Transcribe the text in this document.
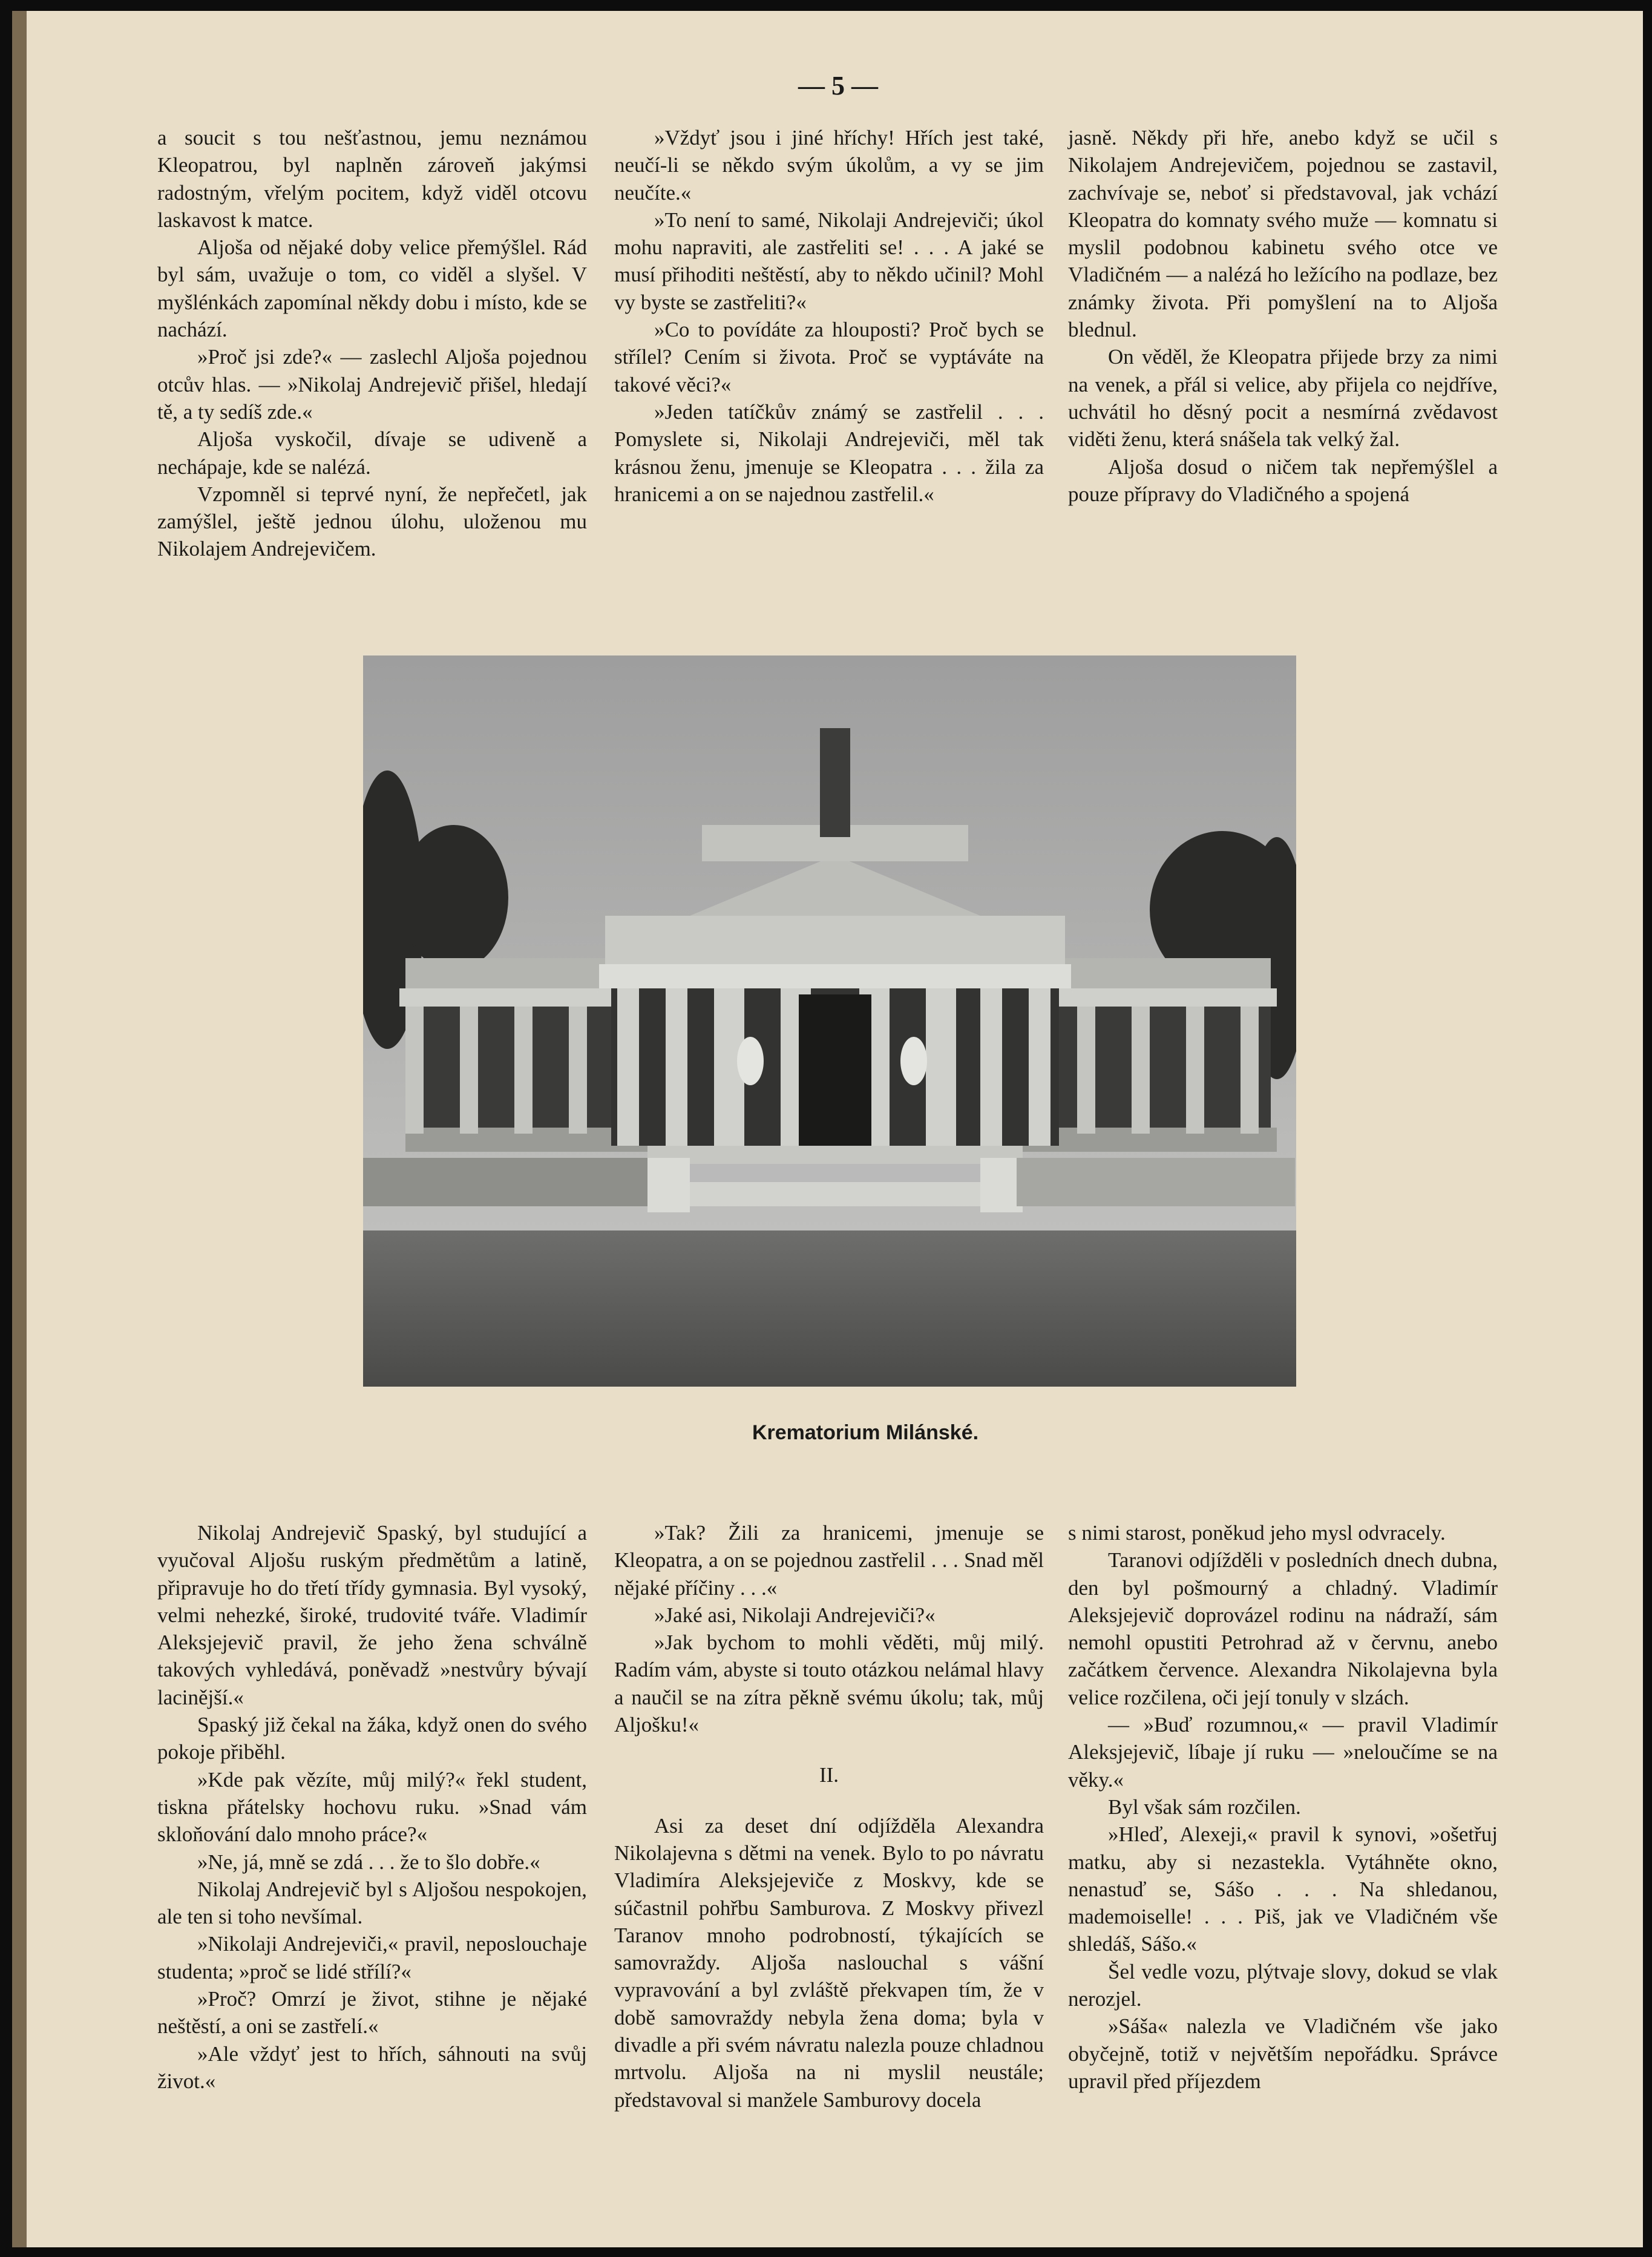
— 5 —

a soucit s tou nešťastnou, jemu neznámou Kleopatrou, byl naplněn zároveň jakýmsi radostným, vřelým pocitem, když viděl otcovu laskavost k matce.

Aljoša od nějaké doby velice přemýšlel. Rád byl sám, uvažuje o tom, co viděl a slyšel. V myšlénkách zapomínal někdy dobu i místo, kde se nachází.

»Proč jsi zde?« — zaslechl Aljoša pojednou otcův hlas. — »Nikolaj Andrejevič přišel, hledají tě, a ty sedíš zde.«

Aljoša vyskočil, dívaje se udiveně a nechápaje, kde se nalézá.

Vzpomněl si teprvé nyní, že nepřečetl, jak zamýšlel, ještě jednou úlohu, uloženou mu Nikolajem Andrejevičem.

»Vždyť jsou i jiné hříchy! Hřích jest také, neučí-li se někdo svým úkolům, a vy se jim neučíte.«

»To není to samé, Nikolaji Andrejeviči; úkol mohu napraviti, ale zastřeliti se! . . . A jaké se musí přihoditi neštěstí, aby to někdo učinil? Mohl vy byste se zastřeliti?«

»Co to povídáte za hlouposti? Proč bych se střílel? Cením si života. Proč se vyptáváte na takové věci?«

»Jeden tatíčkův známý se zastřelil . . . Pomyslete si, Nikolaji Andrejeviči, měl tak krásnou ženu, jmenuje se Kleopatra . . . žila za hranicemi a on se najednou zastřelil.«

jasně. Někdy při hře, anebo když se učil s Nikolajem Andrejevičem, pojednou se zastavil, zachvívaje se, neboť si představoval, jak vchází Kleopatra do komnaty svého muže — komnatu si myslil podobnou kabinetu svého otce ve Vladičném — a nalézá ho ležícího na podlaze, bez známky života. Při pomyšlení na to Aljoša blednul.

On věděl, že Kleopatra přijede brzy za nimi na venek, a přál si velice, aby přijela co nejdříve, uchvátil ho děsný pocit a nesmírná zvědavost viděti ženu, která snášela tak velký žal.

Aljoša dosud o ničem tak nepřemýšlel a pouze přípravy do Vladičného a spojená

Krematorium Milánské.

Nikolaj Andrejevič Spaský, byl studující a vyučoval Aljošu ruským předmětům a latině, připravuje ho do třetí třídy gymnasia. Byl vysoký, velmi nehezké, široké, trudovité tváře. Vladimír Aleksjejevič pravil, že jeho žena schválně takových vyhledává, poněvadž »nestvůry bývají lacinější.«

Spaský již čekal na žáka, když onen do svého pokoje přiběhl.

»Kde pak vězíte, můj milý?« řekl student, tiskna přátelsky hochovu ruku. »Snad vám skloňování dalo mnoho práce?«

»Ne, já, mně se zdá . . . že to šlo dobře.«

Nikolaj Andrejevič byl s Aljošou nespokojen, ale ten si toho nevšímal.

»Nikolaji Andrejeviči,« pravil, neposlouchaje studenta; »proč se lidé střílí?«

»Proč? Omrzí je život, stihne je nějaké neštěstí, a oni se zastřelí.«

»Ale vždyť jest to hřích, sáhnouti na svůj život.«

»Tak? Žili za hranicemi, jmenuje se Kleopatra, a on se pojednou zastřelil . . . Snad měl nějaké příčiny . . .«

»Jaké asi, Nikolaji Andrejeviči?«

»Jak bychom to mohli věděti, můj milý. Radím vám, abyste si touto otázkou nelámal hlavy a naučil se na zítra pěkně svému úkolu; tak, můj Aljošku!«

II.

Asi za deset dní odjížděla Alexandra Nikolajevna s dětmi na venek. Bylo to po návratu Vladimíra Aleksjejeviče z Moskvy, kde se súčastnil pohřbu Samburova. Z Moskvy přivezl Taranov mnoho podrobností, týkajících se samovraždy. Aljoša naslouchal s vášní vypravování a byl zvláště překvapen tím, že v době samovraždy nebyla žena doma; byla v divadle a při svém návratu nalezla pouze chladnou mrtvolu. Aljoša na ni myslil neustále; představoval si manžele Samburovy docela

s nimi starost, poněkud jeho mysl odvracely.

Taranovi odjížděli v posledních dnech dubna, den byl pošmourný a chladný. Vladimír Aleksjejevič doprovázel rodinu na nádraží, sám nemohl opustiti Petrohrad až v červnu, anebo začátkem července. Alexandra Nikolajevna byla velice rozčilena, oči její tonuly v slzách.

— »Buď rozumnou,« — pravil Vladimír Aleksjejevič, líbaje jí ruku — »neloučíme se na věky.«

Byl však sám rozčilen.

»Hleď, Alexeji,« pravil k synovi, »ošetřuj matku, aby si nezastekla. Vytáhněte okno, nenastuď se, Sášo . . . Na shledanou, mademoiselle! . . . Piš, jak ve Vladičném vše shledáš, Sášo.«

Šel vedle vozu, plýtvaje slovy, dokud se vlak nerozjel.

»Sáša« nalezla ve Vladičném vše jako obyčejně, totiž v největším nepořádku. Správce upravil před příjezdem
